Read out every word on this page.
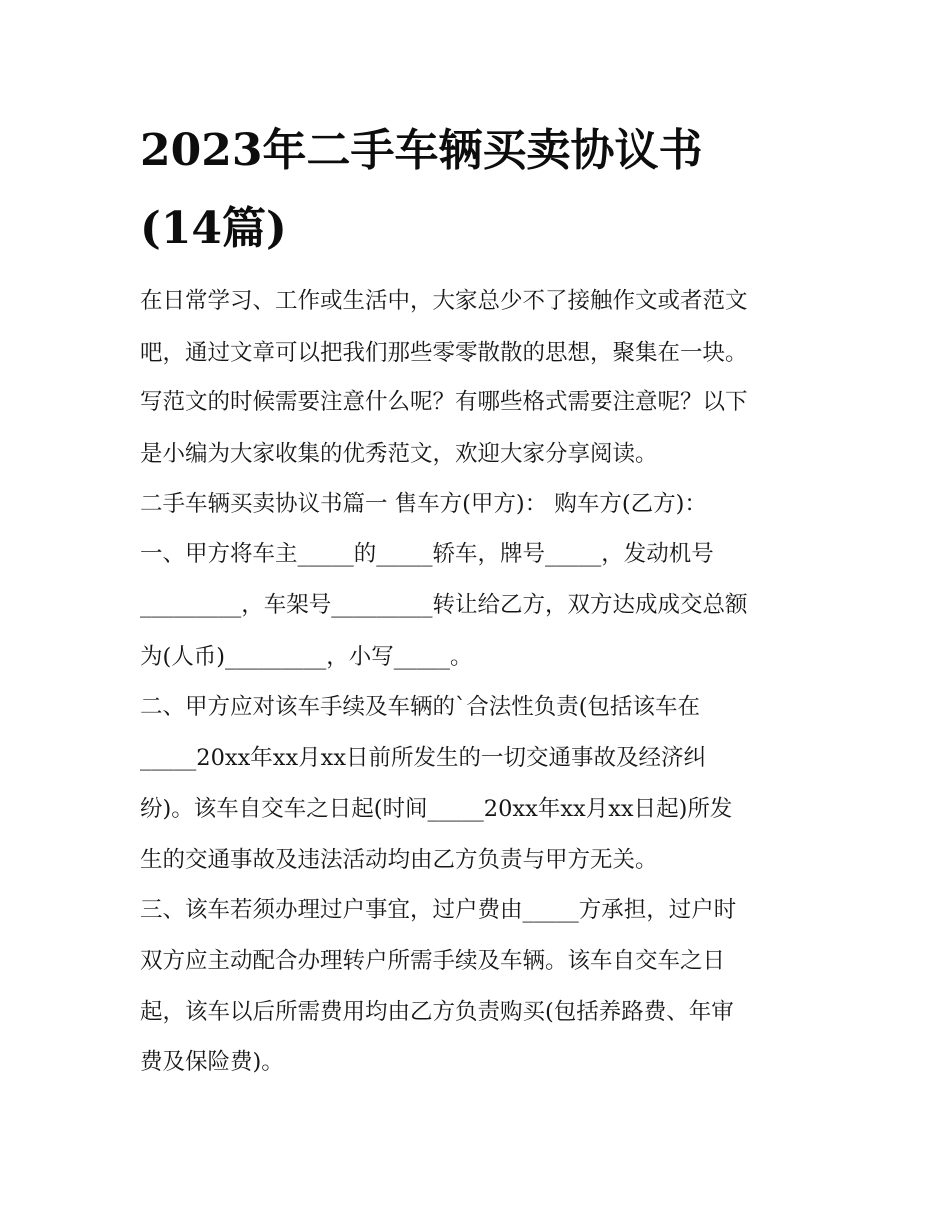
2023年二手车辆买卖协议书
(14篇)

在日常学习、工作或生活中，大家总少不了接触作文或者范文

吧，通过文章可以把我们那些零零散散的思想，聚集在一块。

写范文的时候需要注意什么呢？有哪些格式需要注意呢？以下

是小编为大家收集的优秀范文，欢迎大家分享阅读。

二手车辆买卖协议书篇一 售车方(甲方)： 购车方(乙方)：

一、甲方将车主_____的_____轿车，牌号_____，发动机号

_________，车架号_________转让给乙方，双方达成成交总额

为(人币)_________，小写_____。

二、甲方应对该车手续及车辆的`合法性负责(包括该车在

_____20xx年xx月xx日前所发生的一切交通事故及经济纠

纷)。该车自交车之日起(时间_____20xx年xx月xx日起)所发

生的交通事故及违法活动均由乙方负责与甲方无关。

三、该车若须办理过户事宜，过户费由_____方承担，过户时

双方应主动配合办理转户所需手续及车辆。该车自交车之日

起，该车以后所需费用均由乙方负责购买(包括养路费、年审

费及保险费)。
